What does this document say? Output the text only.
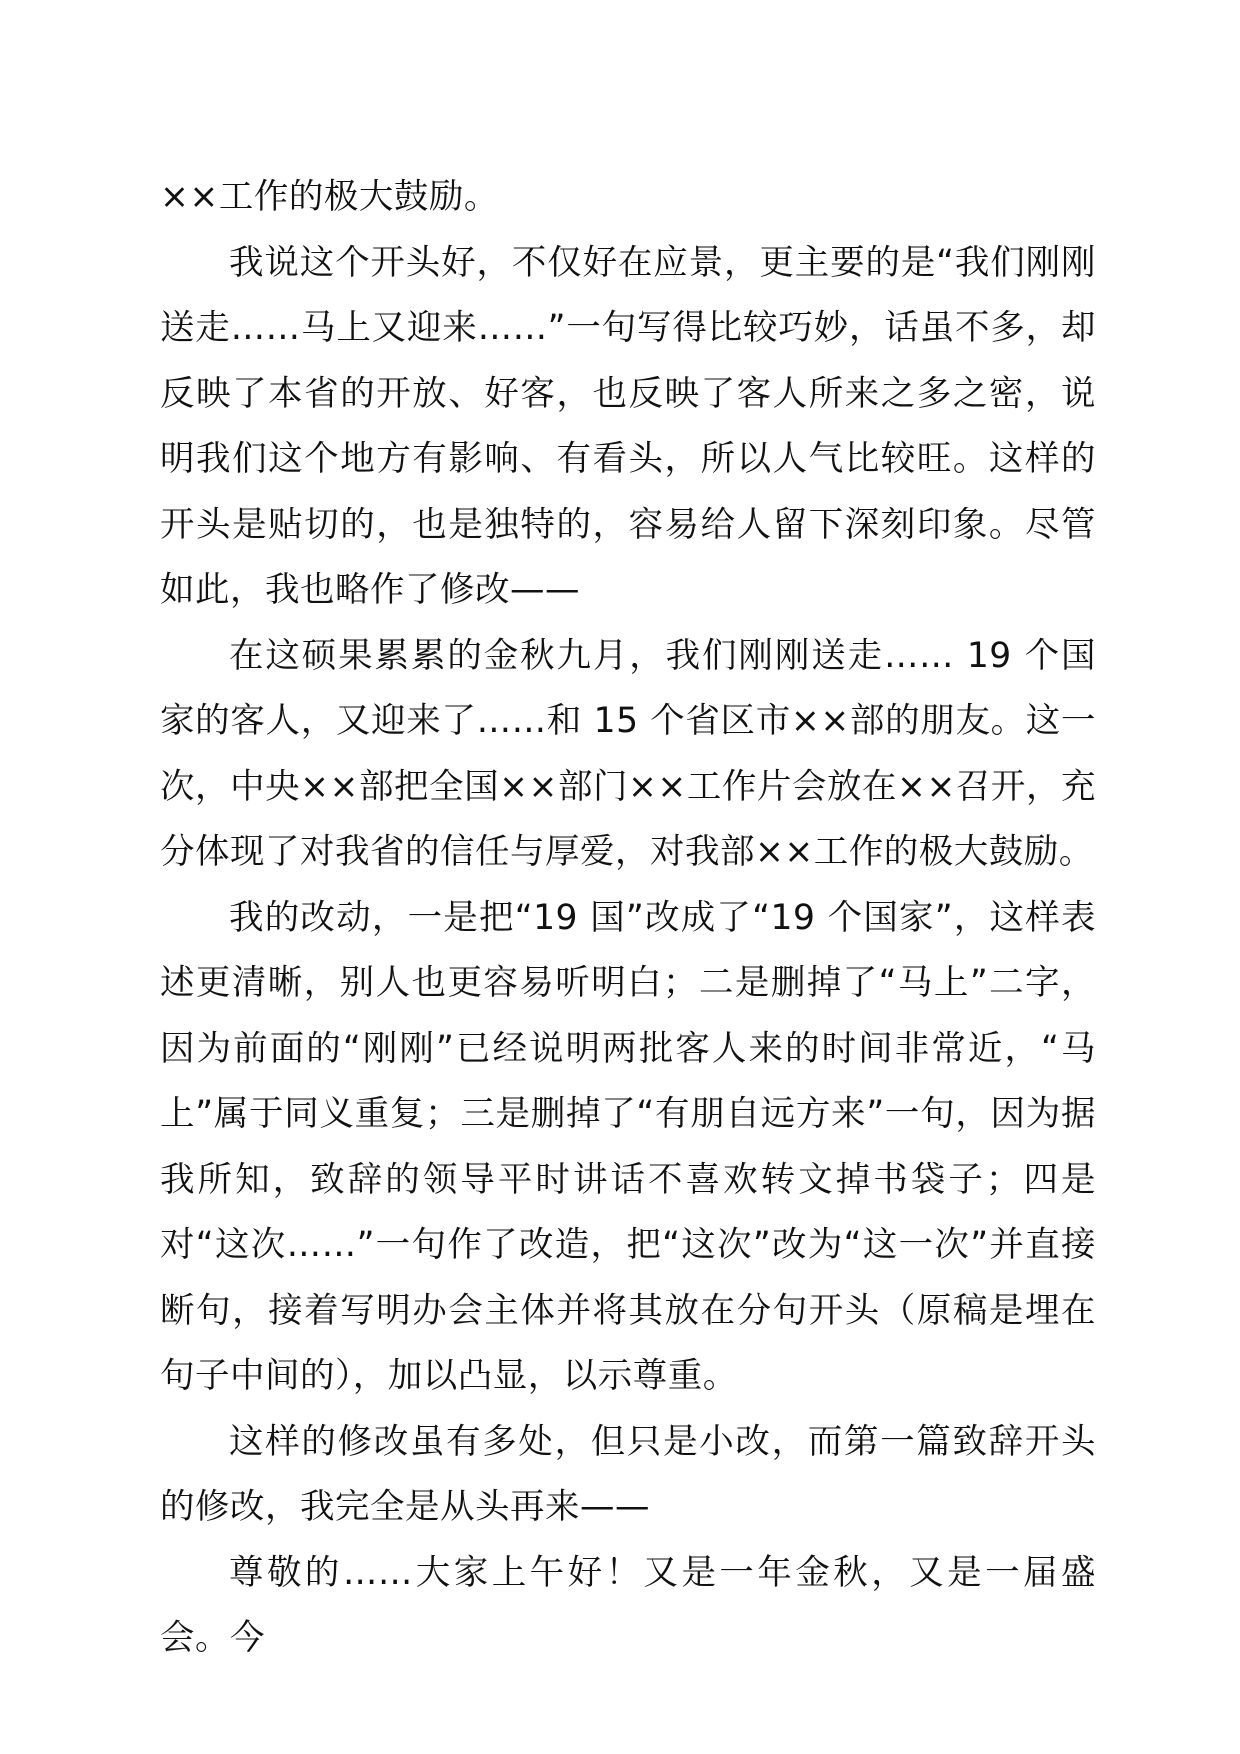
××工作的极大鼓励。

我说这个开头好，不仅好在应景，更主要的是“我们刚刚送走……马上又迎来……”一句写得比较巧妙，话虽不多，却反映了本省的开放、好客，也反映了客人所来之多之密，说明我们这个地方有影响、有看头，所以人气比较旺。这样的开头是贴切的，也是独特的，容易给人留下深刻印象。尽管如此，我也略作了修改——

在这硕果累累的金秋九月，我们刚刚送走…… 19 个国家的客人，又迎来了……和 15 个省区市××部的朋友。这一次，中央××部把全国××部门××工作片会放在××召开，充分体现了对我省的信任与厚爱，对我部××工作的极大鼓励。

我的改动，一是把“19 国”改成了“19 个国家”，这样表述更清晰，别人也更容易听明白；二是删掉了“马上”二字，因为前面的“刚刚”已经说明两批客人来的时间非常近，“马上”属于同义重复；三是删掉了“有朋自远方来”一句，因为据我所知，致辞的领导平时讲话不喜欢转文掉书袋子；四是对“这次……”一句作了改造，把“这次”改为“这一次”并直接断句，接着写明办会主体并将其放在分句开头（原稿是埋在句子中间的），加以凸显，以示尊重。

这样的修改虽有多处，但只是小改，而第一篇致辞开头的修改，我完全是从头再来——

尊敬的……大家上午好！又是一年金秋，又是一届盛会。今
